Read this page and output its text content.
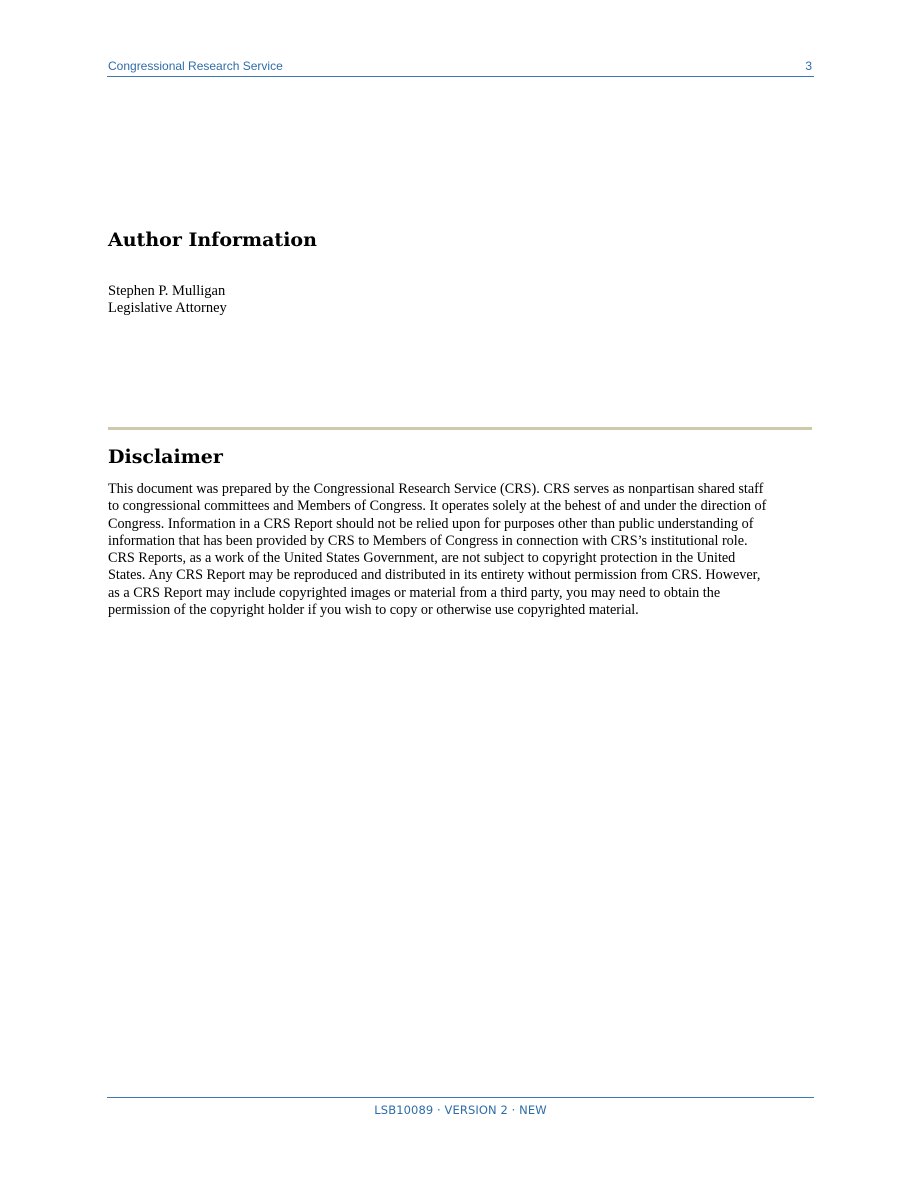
Congressional Research Service	3
Author Information
Stephen P. Mulligan
Legislative Attorney
Disclaimer
This document was prepared by the Congressional Research Service (CRS). CRS serves as nonpartisan shared staff
to congressional committees and Members of Congress. It operates solely at the behest of and under the direction of
Congress. Information in a CRS Report should not be relied upon for purposes other than public understanding of
information that has been provided by CRS to Members of Congress in connection with CRS’s institutional role.
CRS Reports, as a work of the United States Government, are not subject to copyright protection in the United
States. Any CRS Report may be reproduced and distributed in its entirety without permission from CRS. However,
as a CRS Report may include copyrighted images or material from a third party, you may need to obtain the
permission of the copyright holder if you wish to copy or otherwise use copyrighted material.
LSB10089 · VERSION 2 · NEW
